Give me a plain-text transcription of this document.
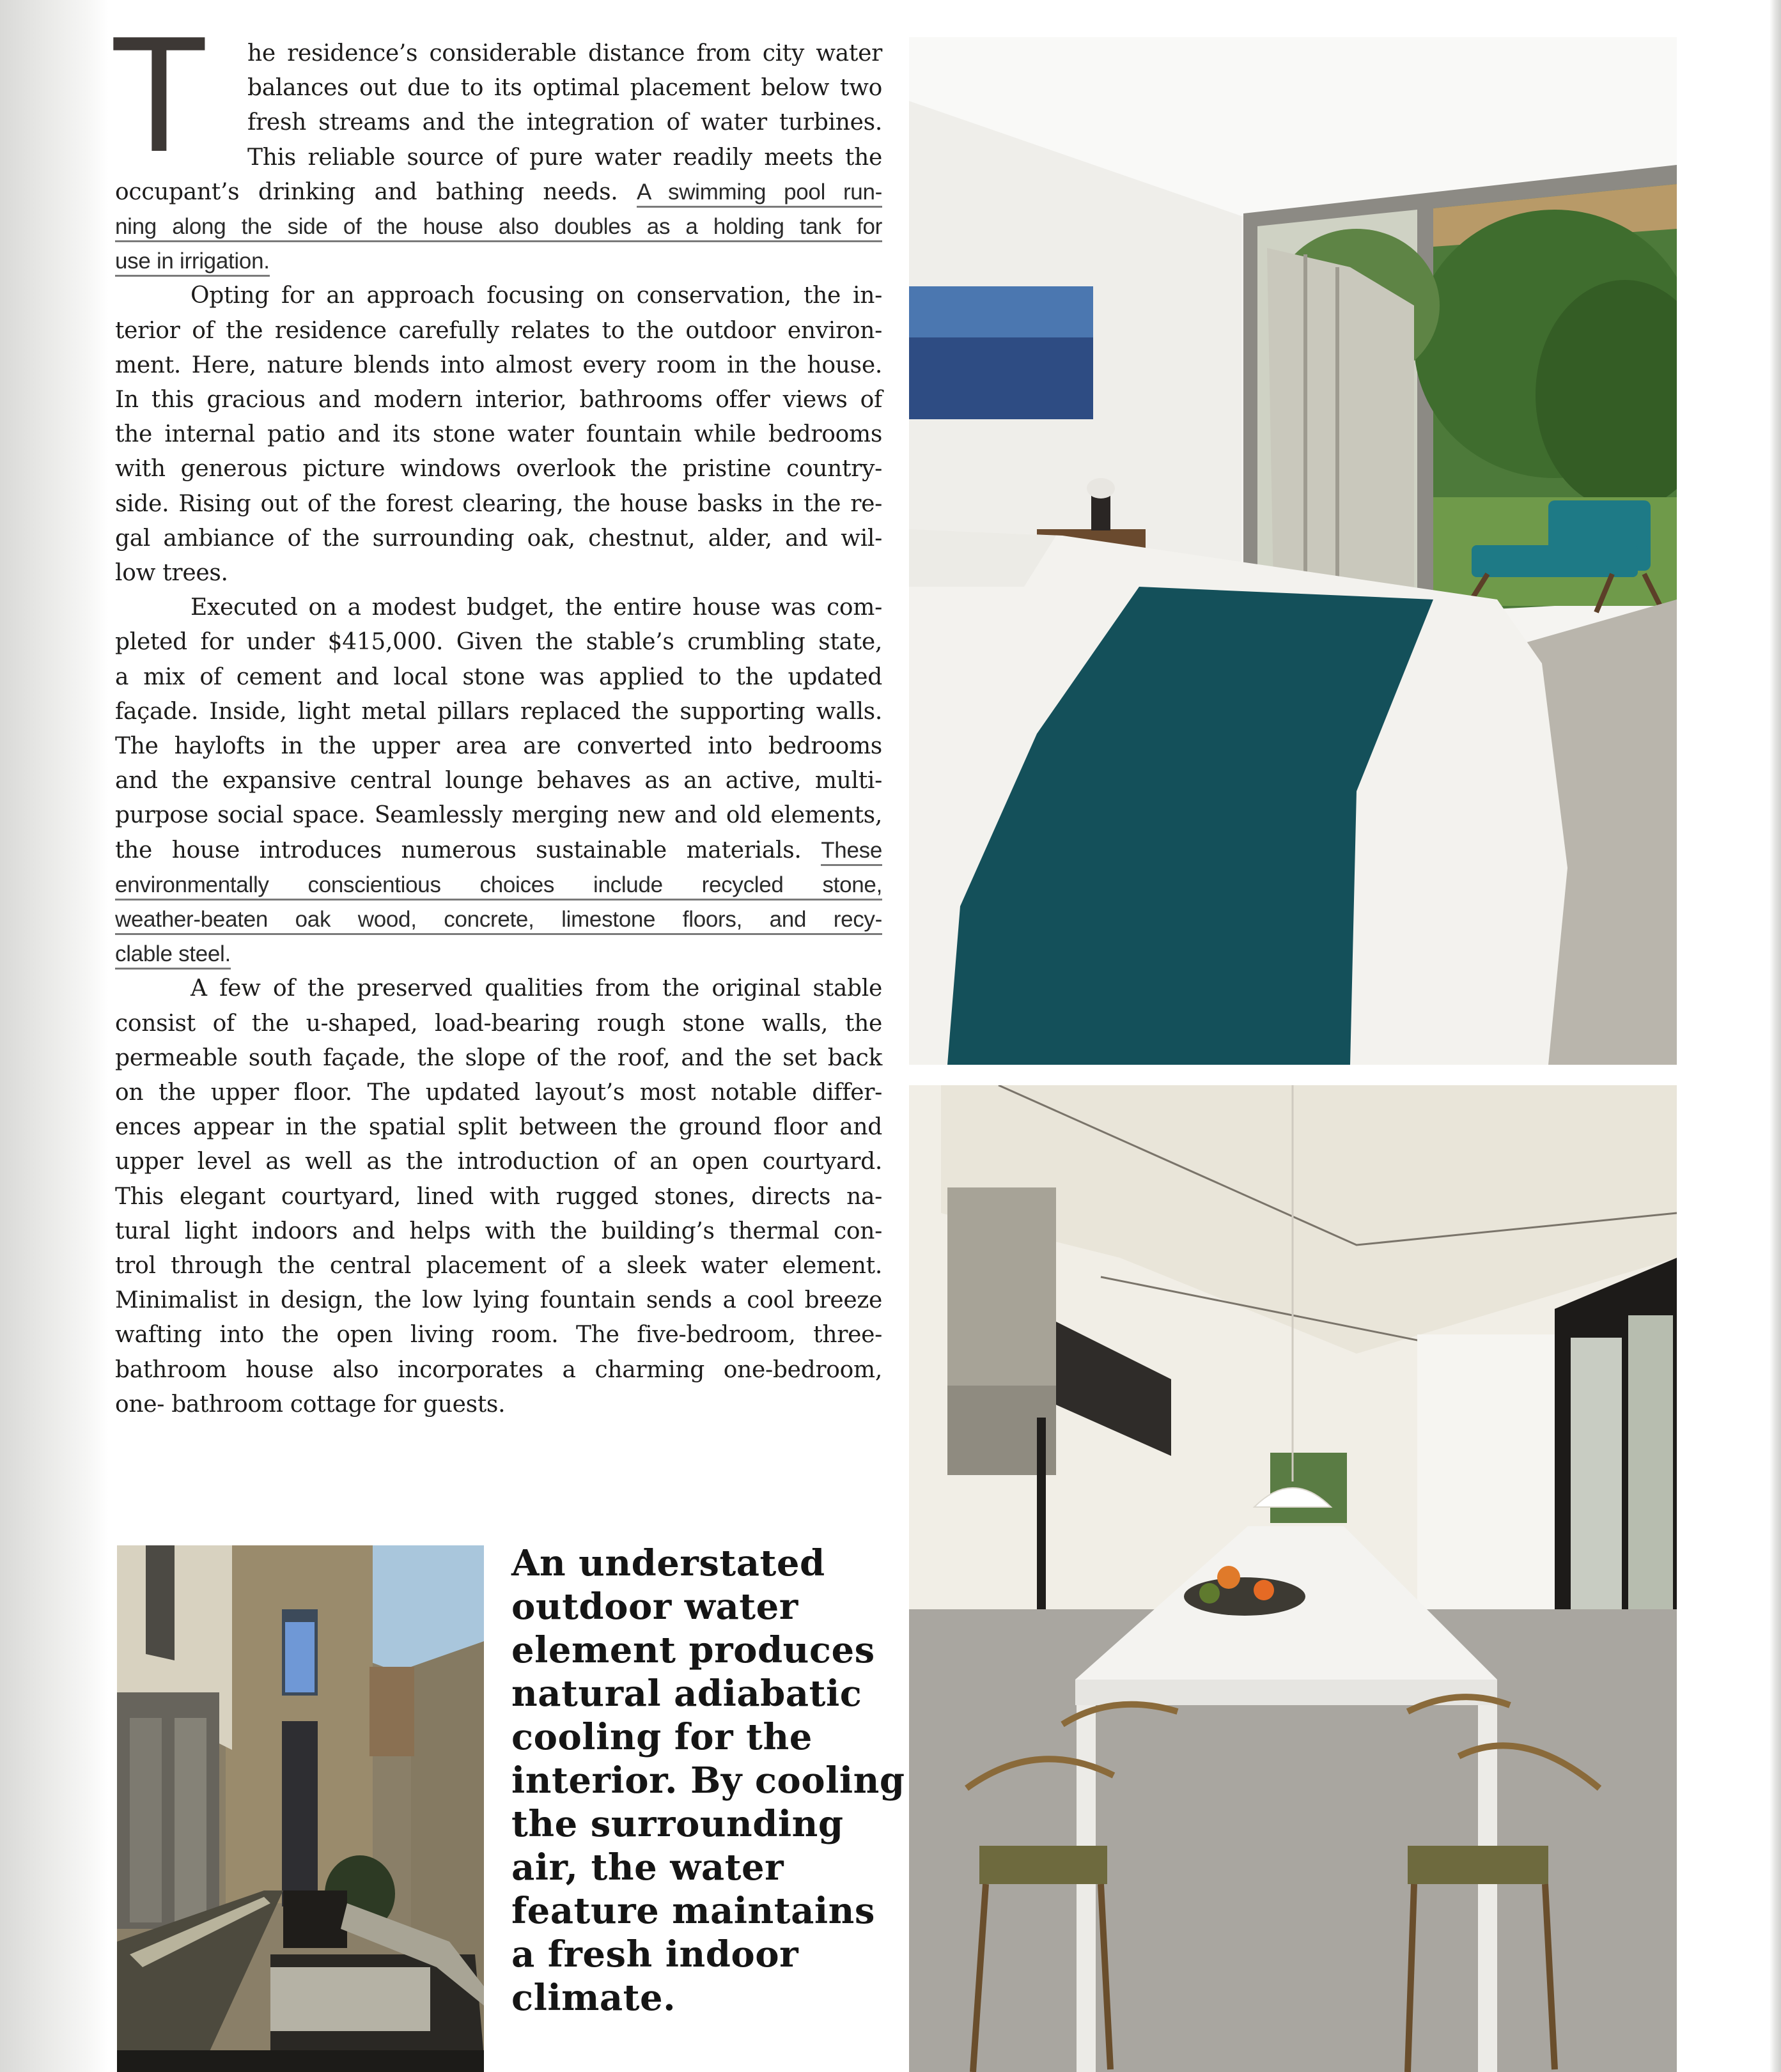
T he residence’s considerable distance from city water
balances out due to its optimal placement below two
fresh streams and the integration of water turbines.
This reliable source of pure water readily meets the
occupant’s drinking and bathing needs. A swimming pool run-
ning along the side of the house also doubles as a holding tank for
use in irrigation.
Opting for an approach focusing on conservation, the in-
terior of the residence carefully relates to the outdoor environ-
ment. Here, nature blends into almost every room in the house.
In this gracious and modern interior, bathrooms offer views of
the internal patio and its stone water fountain while bedrooms
with generous picture windows overlook the pristine country-
side. Rising out of the forest clearing, the house basks in the re-
gal ambiance of the surrounding oak, chestnut, alder, and wil-
low trees.
Executed on a modest budget, the entire house was com-
pleted for under $415,000. Given the stable’s crumbling state,
a mix of cement and local stone was applied to the updated
façade. Inside, light metal pillars replaced the supporting walls.
The haylofts in the upper area are converted into bedrooms
and the expansive central lounge behaves as an active, multi-
purpose social space. Seamlessly merging new and old elements,
the house introduces numerous sustainable materials. These
environmentally conscientious choices include recycled stone,
weather-beaten oak wood, concrete, limestone floors, and recy-
clable steel.
A few of the preserved qualities from the original stable
consist of the u-shaped, load-bearing rough stone walls, the
permeable south façade, the slope of the roof, and the set back
on the upper floor. The updated layout’s most notable differ-
ences appear in the spatial split between the ground floor and
upper level as well as the introduction of an open courtyard.
This elegant courtyard, lined with rugged stones, directs na-
tural light indoors and helps with the building’s thermal con-
trol through the central placement of a sleek water element.
Minimalist in design, the low lying fountain sends a cool breeze
wafting into the open living room. The five-bedroom, three-
bathroom house also incorporates a charming one-bedroom,
one- bathroom cottage for guests.
An understated
outdoor water
element produces
natural adiabatic
cooling for the
interior. By cooling
the surrounding
air, the water
feature maintains
a fresh indoor
climate.
